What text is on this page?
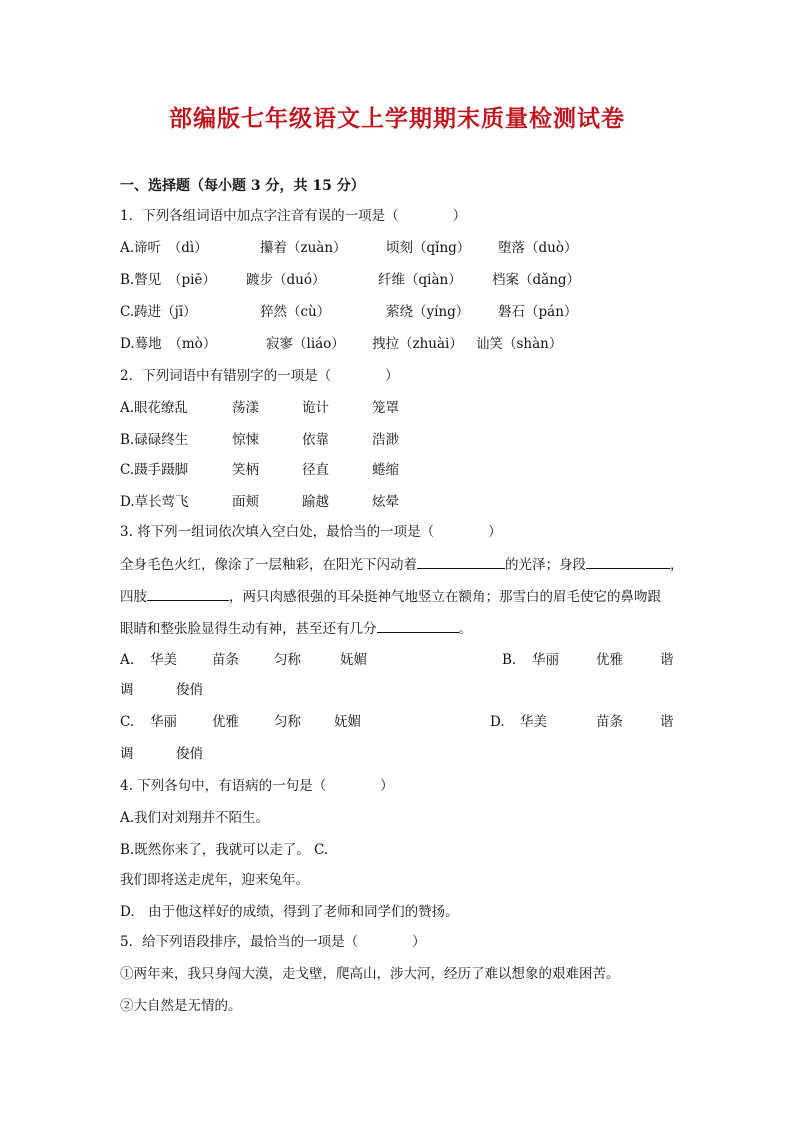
部编版七年级语文上学期期末质量检测试卷
一、选择题（每小题 3 分，共 15 分）
1．下列各组词语中加点字注音有误的一项是（　　　　）
A.谛听　（dì）	攥着（zuàn）	顷刻（qǐng） 堕落（duò）
B.瞥见　（piē） 踱步（duó）	纤维（qiàn） 档案（dǎng）
C.踌进（jī）	猝然（cù）	萦绕（yíng） 磐石（pán）
D.蓦地　（mò）	寂寥（liáo） 拽拉（zhuài） 讪笑（shàn）
2．下列词语中有错别字的一项是（　　　　）
A.眼花缭乱	荡漾	诡计	笼罩
B.碌碌终生	惊悚	依靠	浩渺
C.蹑手蹑脚	笑柄	径直	蜷缩
D.草长莺飞	面颊	踰越	炫晕
3. 将下列一组词依次填入空白处，最恰当的一项是（　　　　）
全身毛色火红，像涂了一层釉彩，在阳光下闪动着	的光泽；身段	，
四肢	，两只肉感很强的耳朵挺神气地竖立在额角；那雪白的眉毛使它的鼻吻跟
眼睛和整张脸显得生动有神，甚至还有几分	。
A. 华美	苗条	匀称	妩媚	B. 华丽	优雅	谐
调	俊俏
C. 华丽	优雅	匀称 妩媚	D. 华美	苗条	谐
调	俊俏
4. 下列各句中，有语病的一句是（　　　　）
A.我们对刘翔并不陌生。
B.既然你来了，我就可以走了。 C.
我们即将送走虎年，迎来兔年。
D.　由于他这样好的成绩，得到了老师和同学们的赞扬。
5．给下列语段排序，最恰当的一项是（　　　　）
①两年来，我只身闯大漠，走戈壁，爬高山，涉大河，经历了难以想象的艰难困苦。
②大自然是无情的。
